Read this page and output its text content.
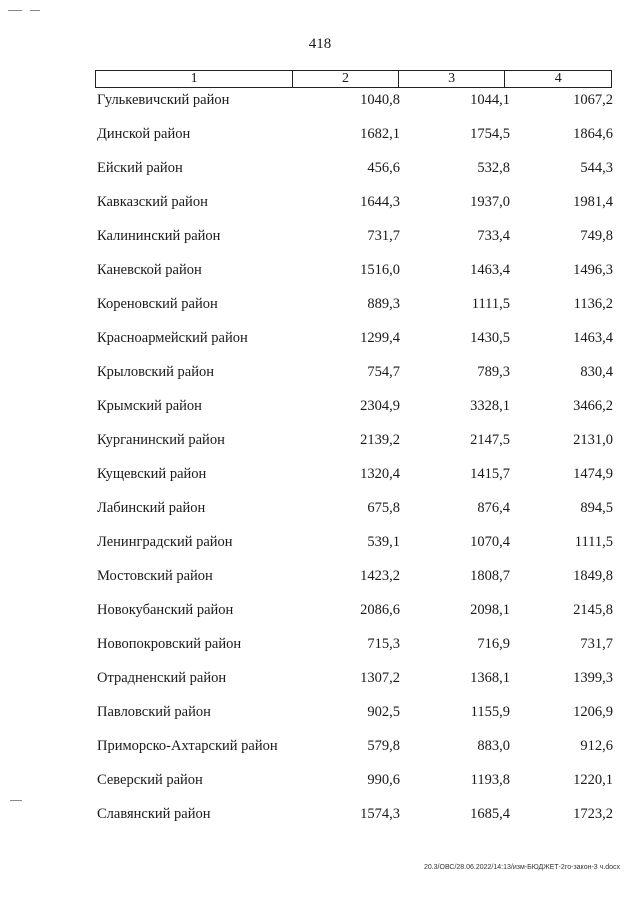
418
1	2	3	4
Гулькевичский район	1040,8	1044,1	1067,2
Динской район	1682,1	1754,5	1864,6
Ейский район	456,6	532,8	544,3
Кавказский район	1644,3	1937,0	1981,4
Калининский район	731,7	733,4	749,8
Каневской район	1516,0	1463,4	1496,3
Кореновский район	889,3	1111,5	1136,2
Красноармейский район	1299,4	1430,5	1463,4
Крыловский район	754,7	789,3	830,4
Крымский район	2304,9	3328,1	3466,2
Курганинский район	2139,2	2147,5	2131,0
Кущевский район	1320,4	1415,7	1474,9
Лабинский район	675,8	876,4	894,5
Ленинградский район	539,1	1070,4	1111,5
Мостовский район	1423,2	1808,7	1849,8
Новокубанский район	2086,6	2098,1	2145,8
Новопокровский район	715,3	716,9	731,7
Отрадненский район	1307,2	1368,1	1399,3
Павловский район	902,5	1155,9	1206,9
Приморско-Ахтарский район	579,8	883,0	912,6
Северский район	990,6	1193,8	1220,1
Славянский район	1574,3	1685,4	1723,2
20.3/ОВС/28.06.2022/14:13/изм-БЮДЖЕТ-2го-закон-3 ч.docx
